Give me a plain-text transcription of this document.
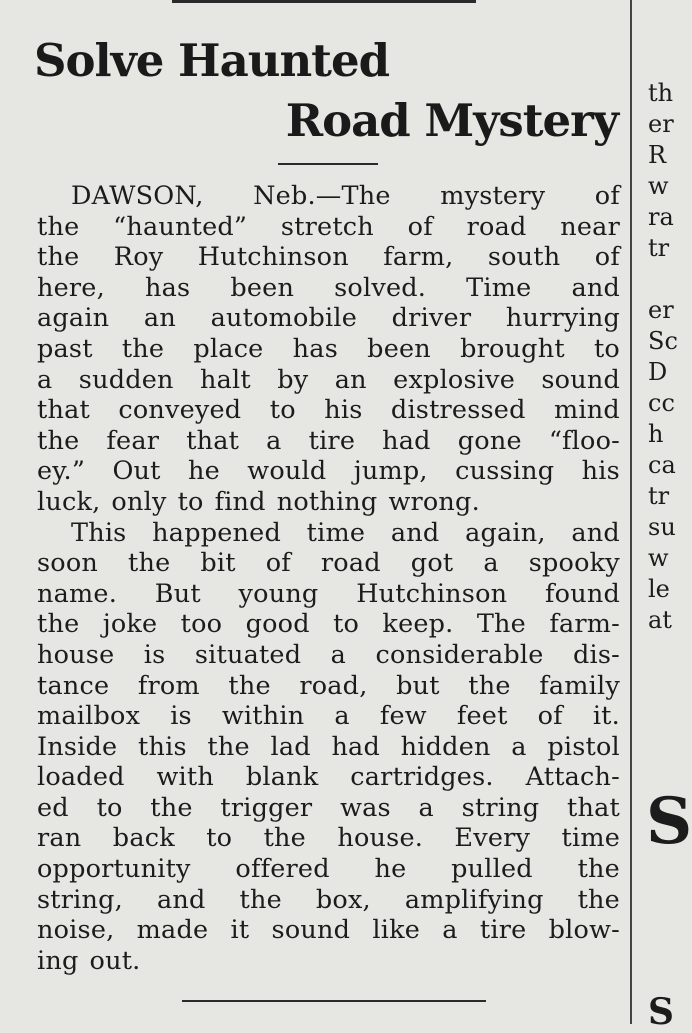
Solve Haunted
Road Mystery
DAWSON, Neb.—The mystery of
the “haunted” stretch of road near
the Roy Hutchinson farm, south of
here, has been solved. Time and
again an automobile driver hurrying
past the place has been brought to
a sudden halt by an explosive sound
that conveyed to his distressed mind
the fear that a tire had gone “floo-
ey.” Out he would jump, cussing his
luck, only to find nothing wrong.
This happened time and again, and
soon the bit of road got a spooky
name. But young Hutchinson found
the joke too good to keep. The farm-
house is situated a considerable dis-
tance from the road, but the family
mailbox is within a few feet of it.
Inside this the lad had hidden a pistol
loaded with blank cartridges. Attach-
ed to the trigger was a string that
ran back to the house. Every time
opportunity offered he pulled the
string, and the box, amplifying the
noise, made it sound like a tire blow-
ing out.
th
er
R
w
ra
tr
er
Sc
D
cc
h
ca
tr
su
w
le
at
S
S
